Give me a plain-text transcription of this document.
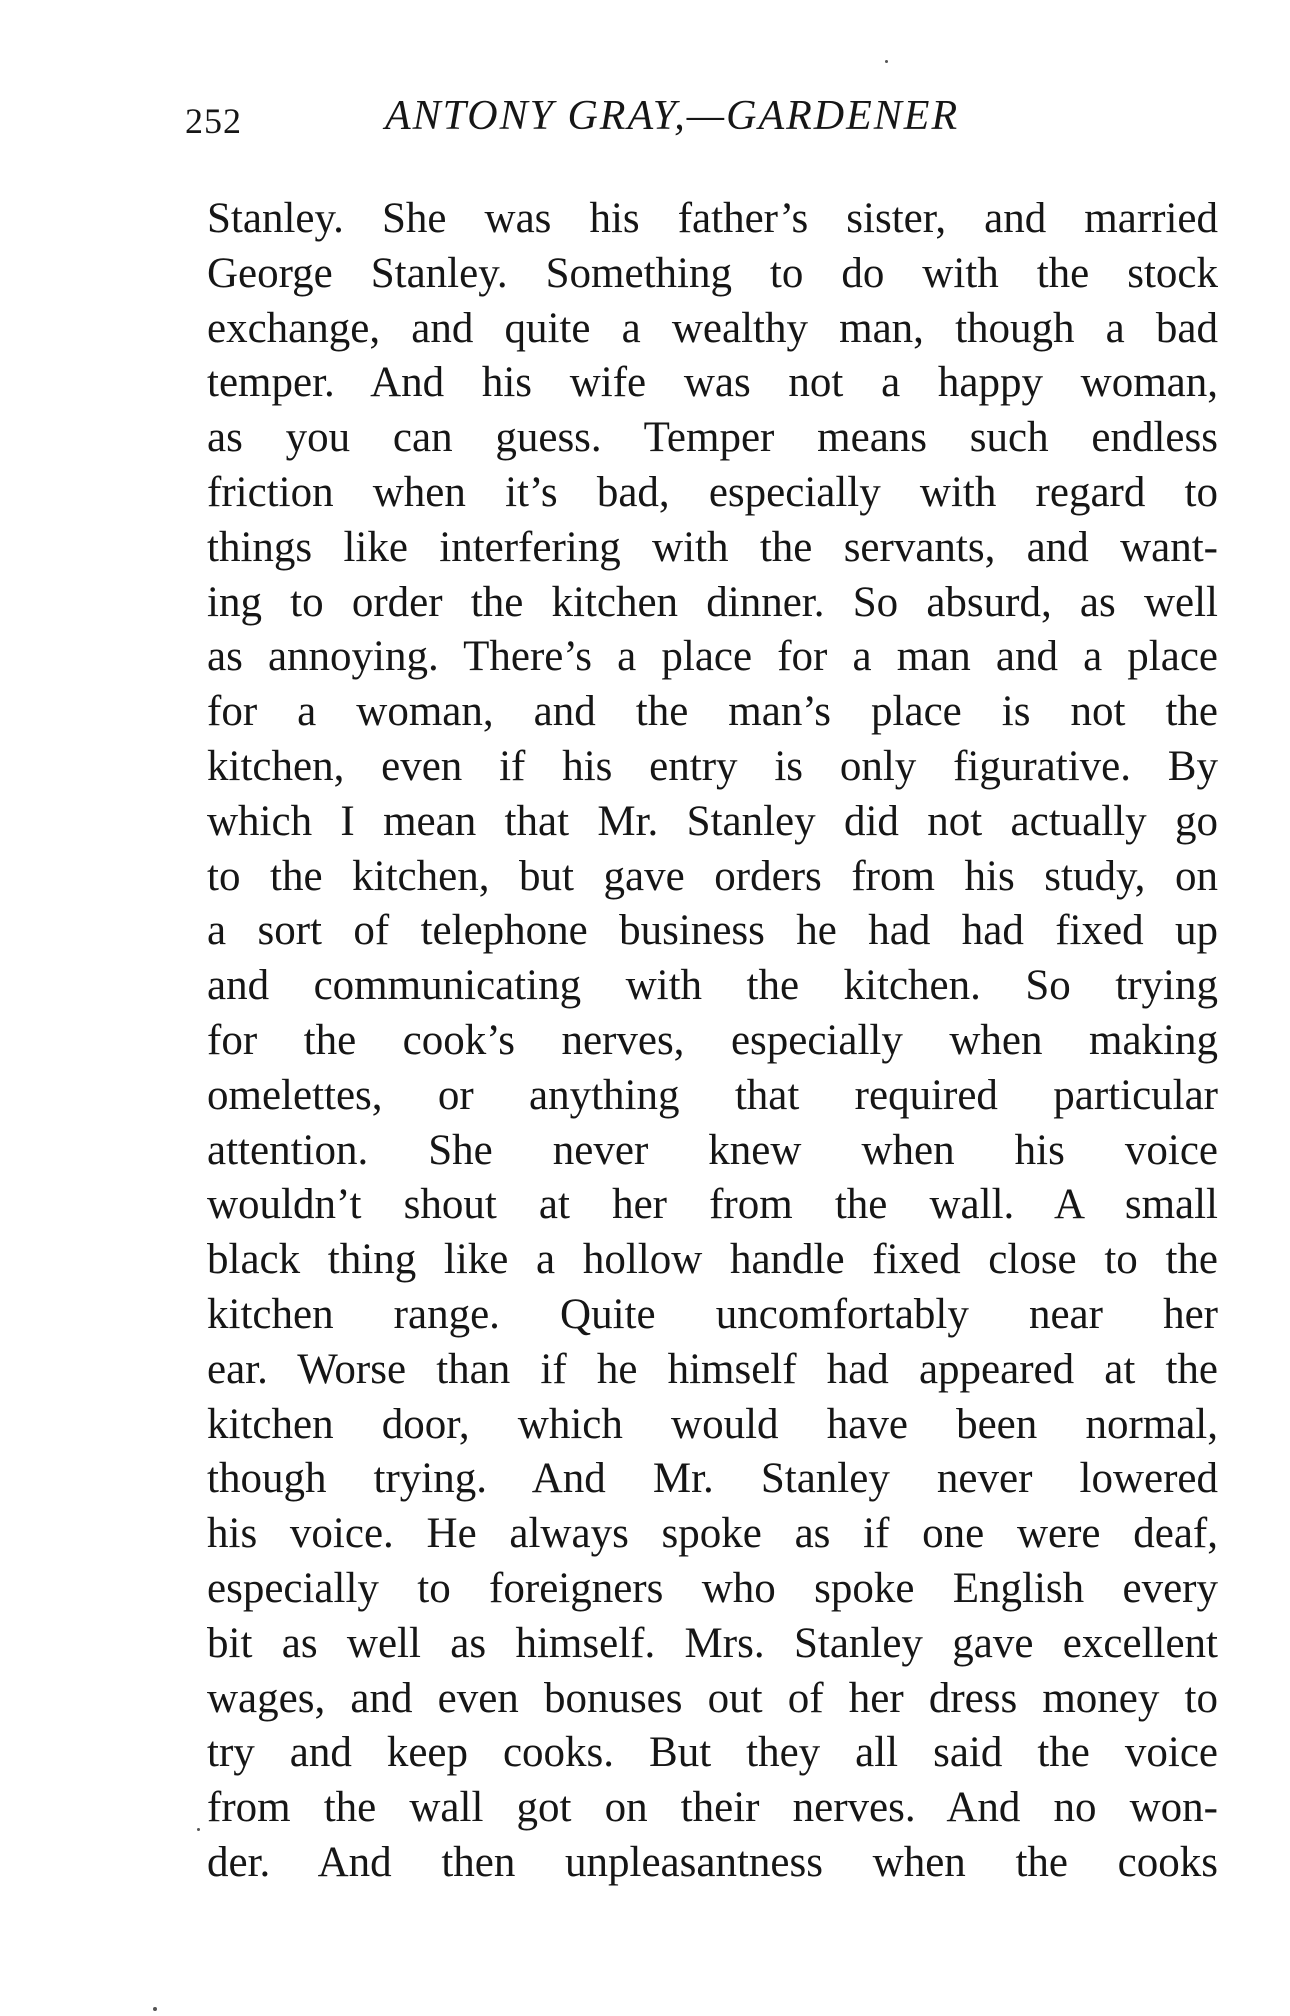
252	ANTONY GRAY,—GARDENER
Stanley. She was his father’s sister, and married
George Stanley. Something to do with the stock
exchange, and quite a wealthy man, though a bad
temper. And his wife was not a happy woman,
as you can guess. Temper means such endless
friction when it’s bad, especially with regard to
things like interfering with the servants, and want-
ing to order the kitchen dinner. So absurd, as well
as annoying. There’s a place for a man and a place
for a woman, and the man’s place is not the
kitchen, even if his entry is only figurative. By
which I mean that Mr. Stanley did not actually go
to the kitchen, but gave orders from his study, on
a sort of telephone business he had had fixed up
and communicating with the kitchen. So trying
for the cook’s nerves, especially when making
omelettes, or anything that required particular
attention. She never knew when his voice
wouldn’t shout at her from the wall. A small
black thing like a hollow handle fixed close to the
kitchen range. Quite uncomfortably near her
ear. Worse than if he himself had appeared at the
kitchen door, which would have been normal,
though trying. And Mr. Stanley never lowered
his voice. He always spoke as if one were deaf,
especially to foreigners who spoke English every
bit as well as himself. Mrs. Stanley gave excellent
wages, and even bonuses out of her dress money to
try and keep cooks. But they all said the voice
from the wall got on their nerves. And no won-
der. And then unpleasantness when the cooks
